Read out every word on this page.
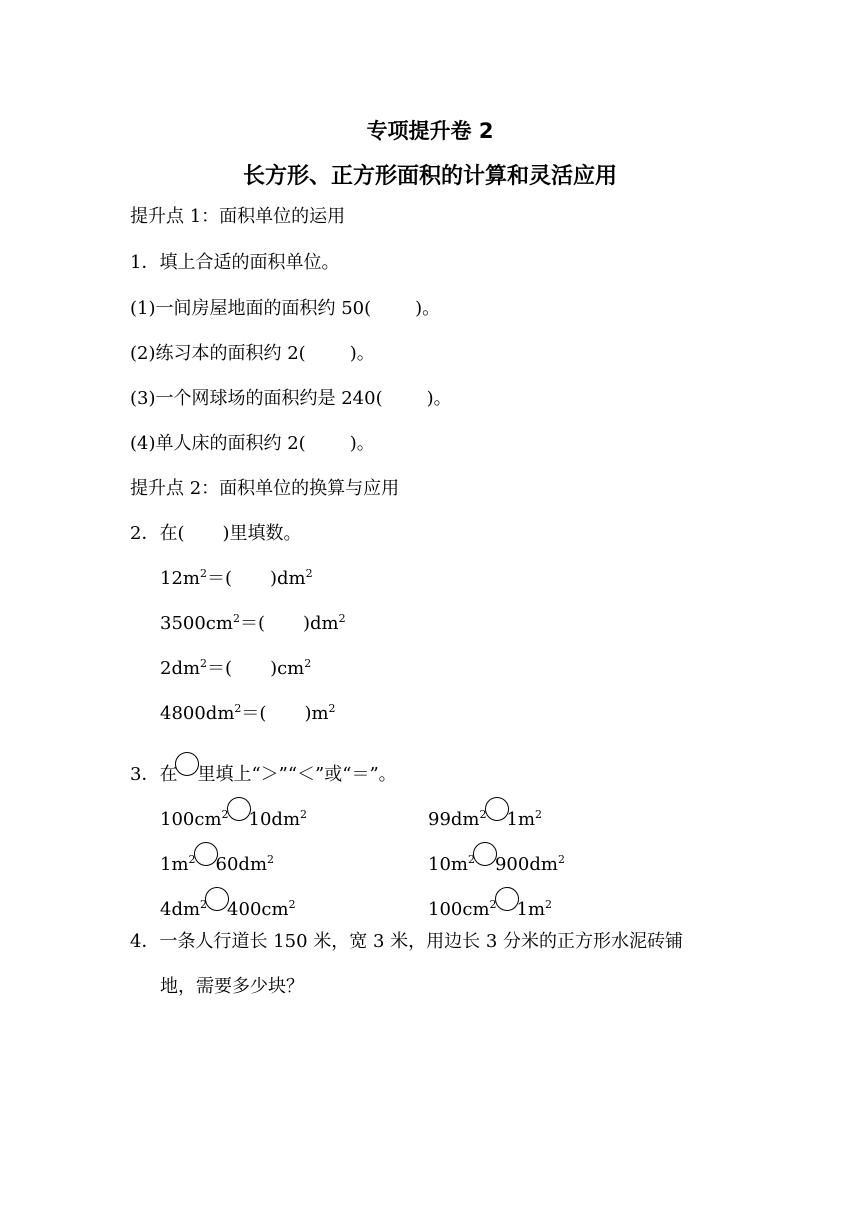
专项提升卷 2
长方形、正方形面积的计算和灵活应用
提升点 1：面积单位的运用
1．填上合适的面积单位。
(1)一间房屋地面的面积约 50( )。
(2)练习本的面积约 2( )。
(3)一个网球场的面积约是 240( )。
(4)单人床的面积约 2( )。
提升点 2：面积单位的换算与应用
2．在( )里填数。
$12m^2=$( )$dm^2$
$3500cm^2=$( )$dm^2$
$2dm^2=$( )$cm^2$
$4800dm^2=$( )$m^2$
3．在 里填上“＞”“＜”或“＝”。
$100cm^2$ $10dm^2$	$99dm^2$ $1m^2$
$1m^2$ $60dm^2$	$10m^2$ $900dm^2$
$4dm^2$ $400cm^2$	$100cm^2$ $1m^2$
4．一条人行道长 150 米，宽 3 米，用边长 3 分米的正方形水泥砖铺
地，需要多少块？
